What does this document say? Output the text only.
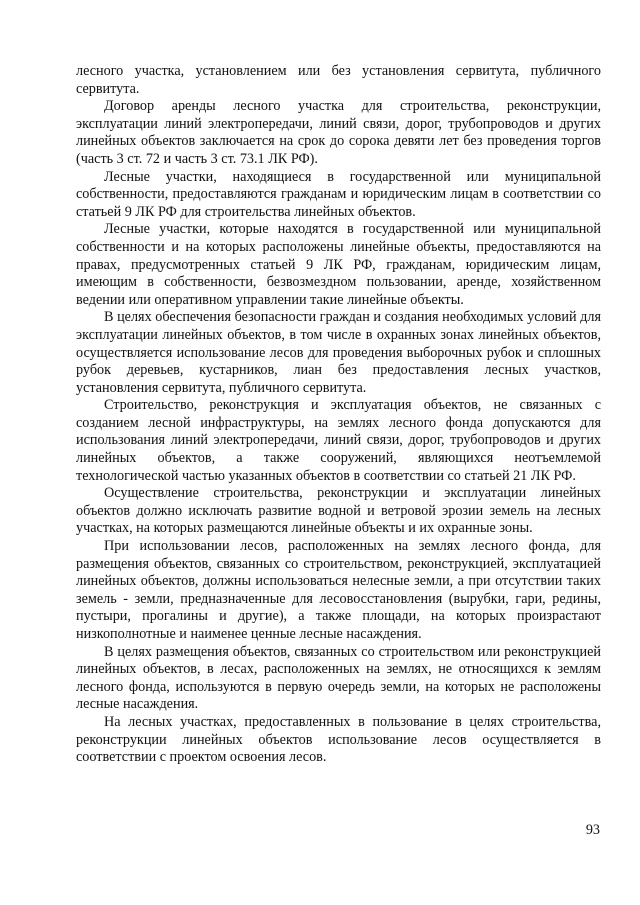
лесного участка, установлением или без установления сервитута, публичного сервитута.

Договор аренды лесного участка для строительства, реконструкции, эксплуатации линий электропередачи, линий связи, дорог, трубопроводов и других линейных объектов заключается на срок до сорока девяти лет без проведения торгов (часть 3 ст. 72 и часть 3 ст. 73.1 ЛК РФ).

Лесные участки, находящиеся в государственной или муниципальной собственности, предоставляются гражданам и юридическим лицам в соответствии со статьей 9 ЛК РФ для строительства линейных объектов.

Лесные участки, которые находятся в государственной или муниципальной собственности и на которых расположены линейные объекты, предоставляются на правах, предусмотренных статьей 9 ЛК РФ, гражданам, юридическим лицам, имеющим в собственности, безвозмездном пользовании, аренде, хозяйственном ведении или оперативном управлении такие линейные объекты.

В целях обеспечения безопасности граждан и создания необходимых условий для эксплуатации линейных объектов, в том числе в охранных зонах линейных объектов, осуществляется использование лесов для проведения выборочных рубок и сплошных рубок деревьев, кустарников, лиан без предоставления лесных участков, установления сервитута, публичного сервитута.

Строительство, реконструкция и эксплуатация объектов, не связанных с созданием лесной инфраструктуры, на землях лесного фонда допускаются для использования линий электропередачи, линий связи, дорог, трубопроводов и других линейных объектов, а также сооружений, являющихся неотъемлемой технологической частью указанных объектов в соответствии со статьей 21 ЛК РФ.

Осуществление строительства, реконструкции и эксплуатации линейных объектов должно исключать развитие водной и ветровой эрозии земель на лесных участках, на которых размещаются линейные объекты и их охранные зоны.

При использовании лесов, расположенных на землях лесного фонда, для размещения объектов, связанных со строительством, реконструкцией, эксплуатацией линейных объектов, должны использоваться нелесные земли, а при отсутствии таких земель - земли, предназначенные для лесовосстановления (вырубки, гари, редины, пустыри, прогалины и другие), а также площади, на которых произрастают низкополнотные и наименее ценные лесные насаждения.

В целях размещения объектов, связанных со строительством или реконструкцией линейных объектов, в лесах, расположенных на землях, не относящихся к землям лесного фонда, используются в первую очередь земли, на которых не расположены лесные насаждения.

На лесных участках, предоставленных в пользование в целях строительства, реконструкции линейных объектов использование лесов осуществляется в соответствии с проектом освоения лесов.

93
